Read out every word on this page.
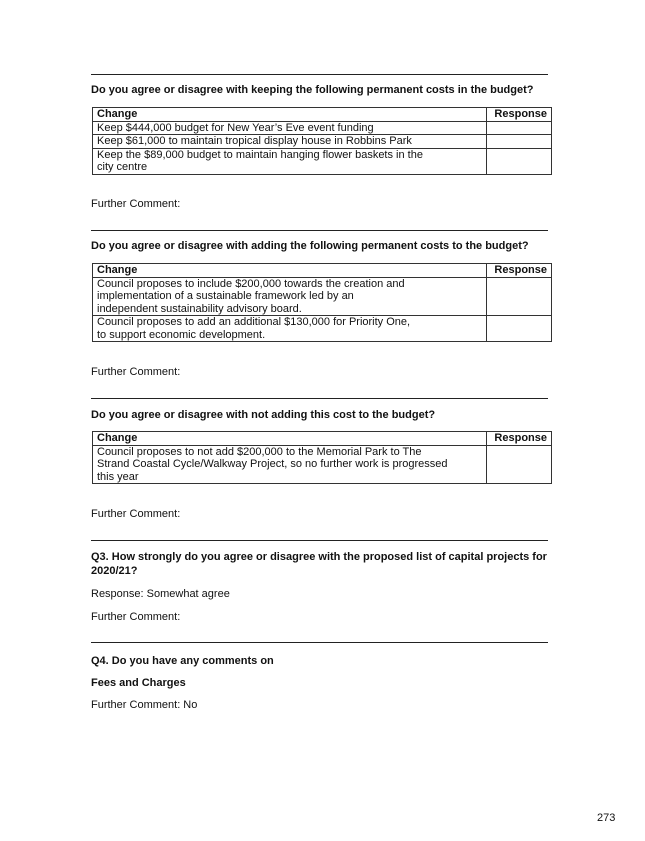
Do you agree or disagree with keeping the following permanent costs in the budget?
Change	Response
Keep $444,000 budget for New Year’s Eve event funding	
Keep $61,000 to maintain tropical display house in Robbins Park	
Keep the $89,000 budget to maintain hanging flower baskets in the city centre	
Further Comment:
Do you agree or disagree with adding the following permanent costs to the budget?
Change	Response
Council proposes to include $200,000 towards the creation and implementation of a sustainable framework led by an independent sustainability advisory board.	
Council proposes to add an additional $130,000 for Priority One, to support economic development.	
Further Comment:
Do you agree or disagree with not adding this cost to the budget?
Change	Response
Council proposes to not add $200,000 to the Memorial Park to The Strand Coastal Cycle/Walkway Project, so no further work is progressed this year	
Further Comment:
Q3. How strongly do you agree or disagree with the proposed list of capital projects for 2020/21?
Response: Somewhat agree
Further Comment:
Q4. Do you have any comments on
Fees and Charges
Further Comment: No
273
